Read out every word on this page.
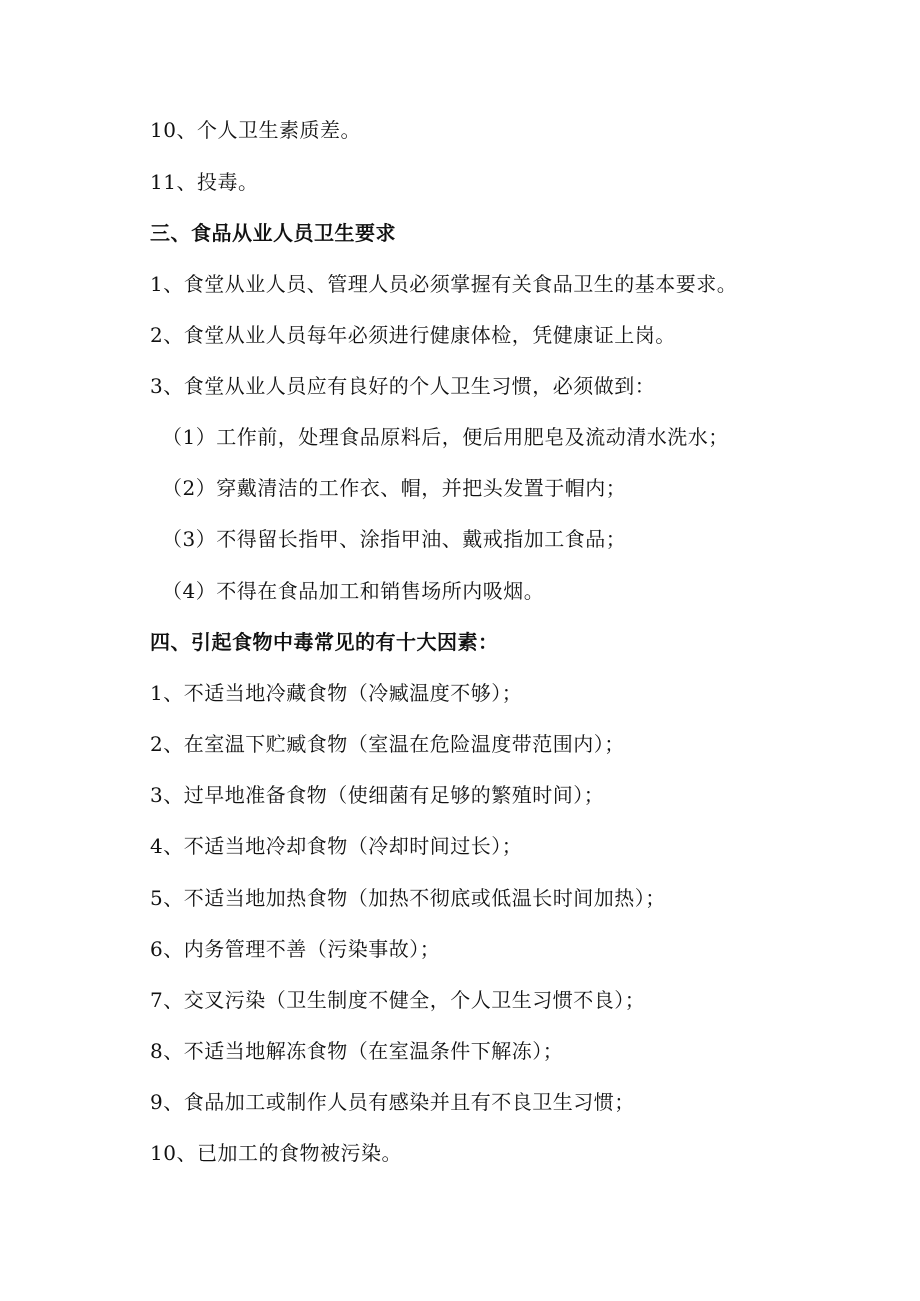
10、个人卫生素质差。
11、投毒。
三、食品从业人员卫生要求
1、食堂从业人员、管理人员必须掌握有关食品卫生的基本要求。
2、食堂从业人员每年必须进行健康体检，凭健康证上岗。
3、食堂从业人员应有良好的个人卫生习惯，必须做到：
（1）工作前，处理食品原料后，便后用肥皂及流动清水洗水；
（2）穿戴清洁的工作衣、帽，并把头发置于帽内；
（3）不得留长指甲、涂指甲油、戴戒指加工食品；
（4）不得在食品加工和销售场所内吸烟。
四、引起食物中毒常见的有十大因素：
1、不适当地冷藏食物（冷臧温度不够）；
2、在室温下贮臧食物（室温在危险温度带范围内）；
3、过早地准备食物（使细菌有足够的繁殖时间）；
4、不适当地冷却食物（冷却时间过长）；
5、不适当地加热食物（加热不彻底或低温长时间加热）；
6、内务管理不善（污染事故）；
7、交叉污染（卫生制度不健全，个人卫生习惯不良）；
8、不适当地解冻食物（在室温条件下解冻）；
9、食品加工或制作人员有感染并且有不良卫生习惯；
10、已加工的食物被污染。
